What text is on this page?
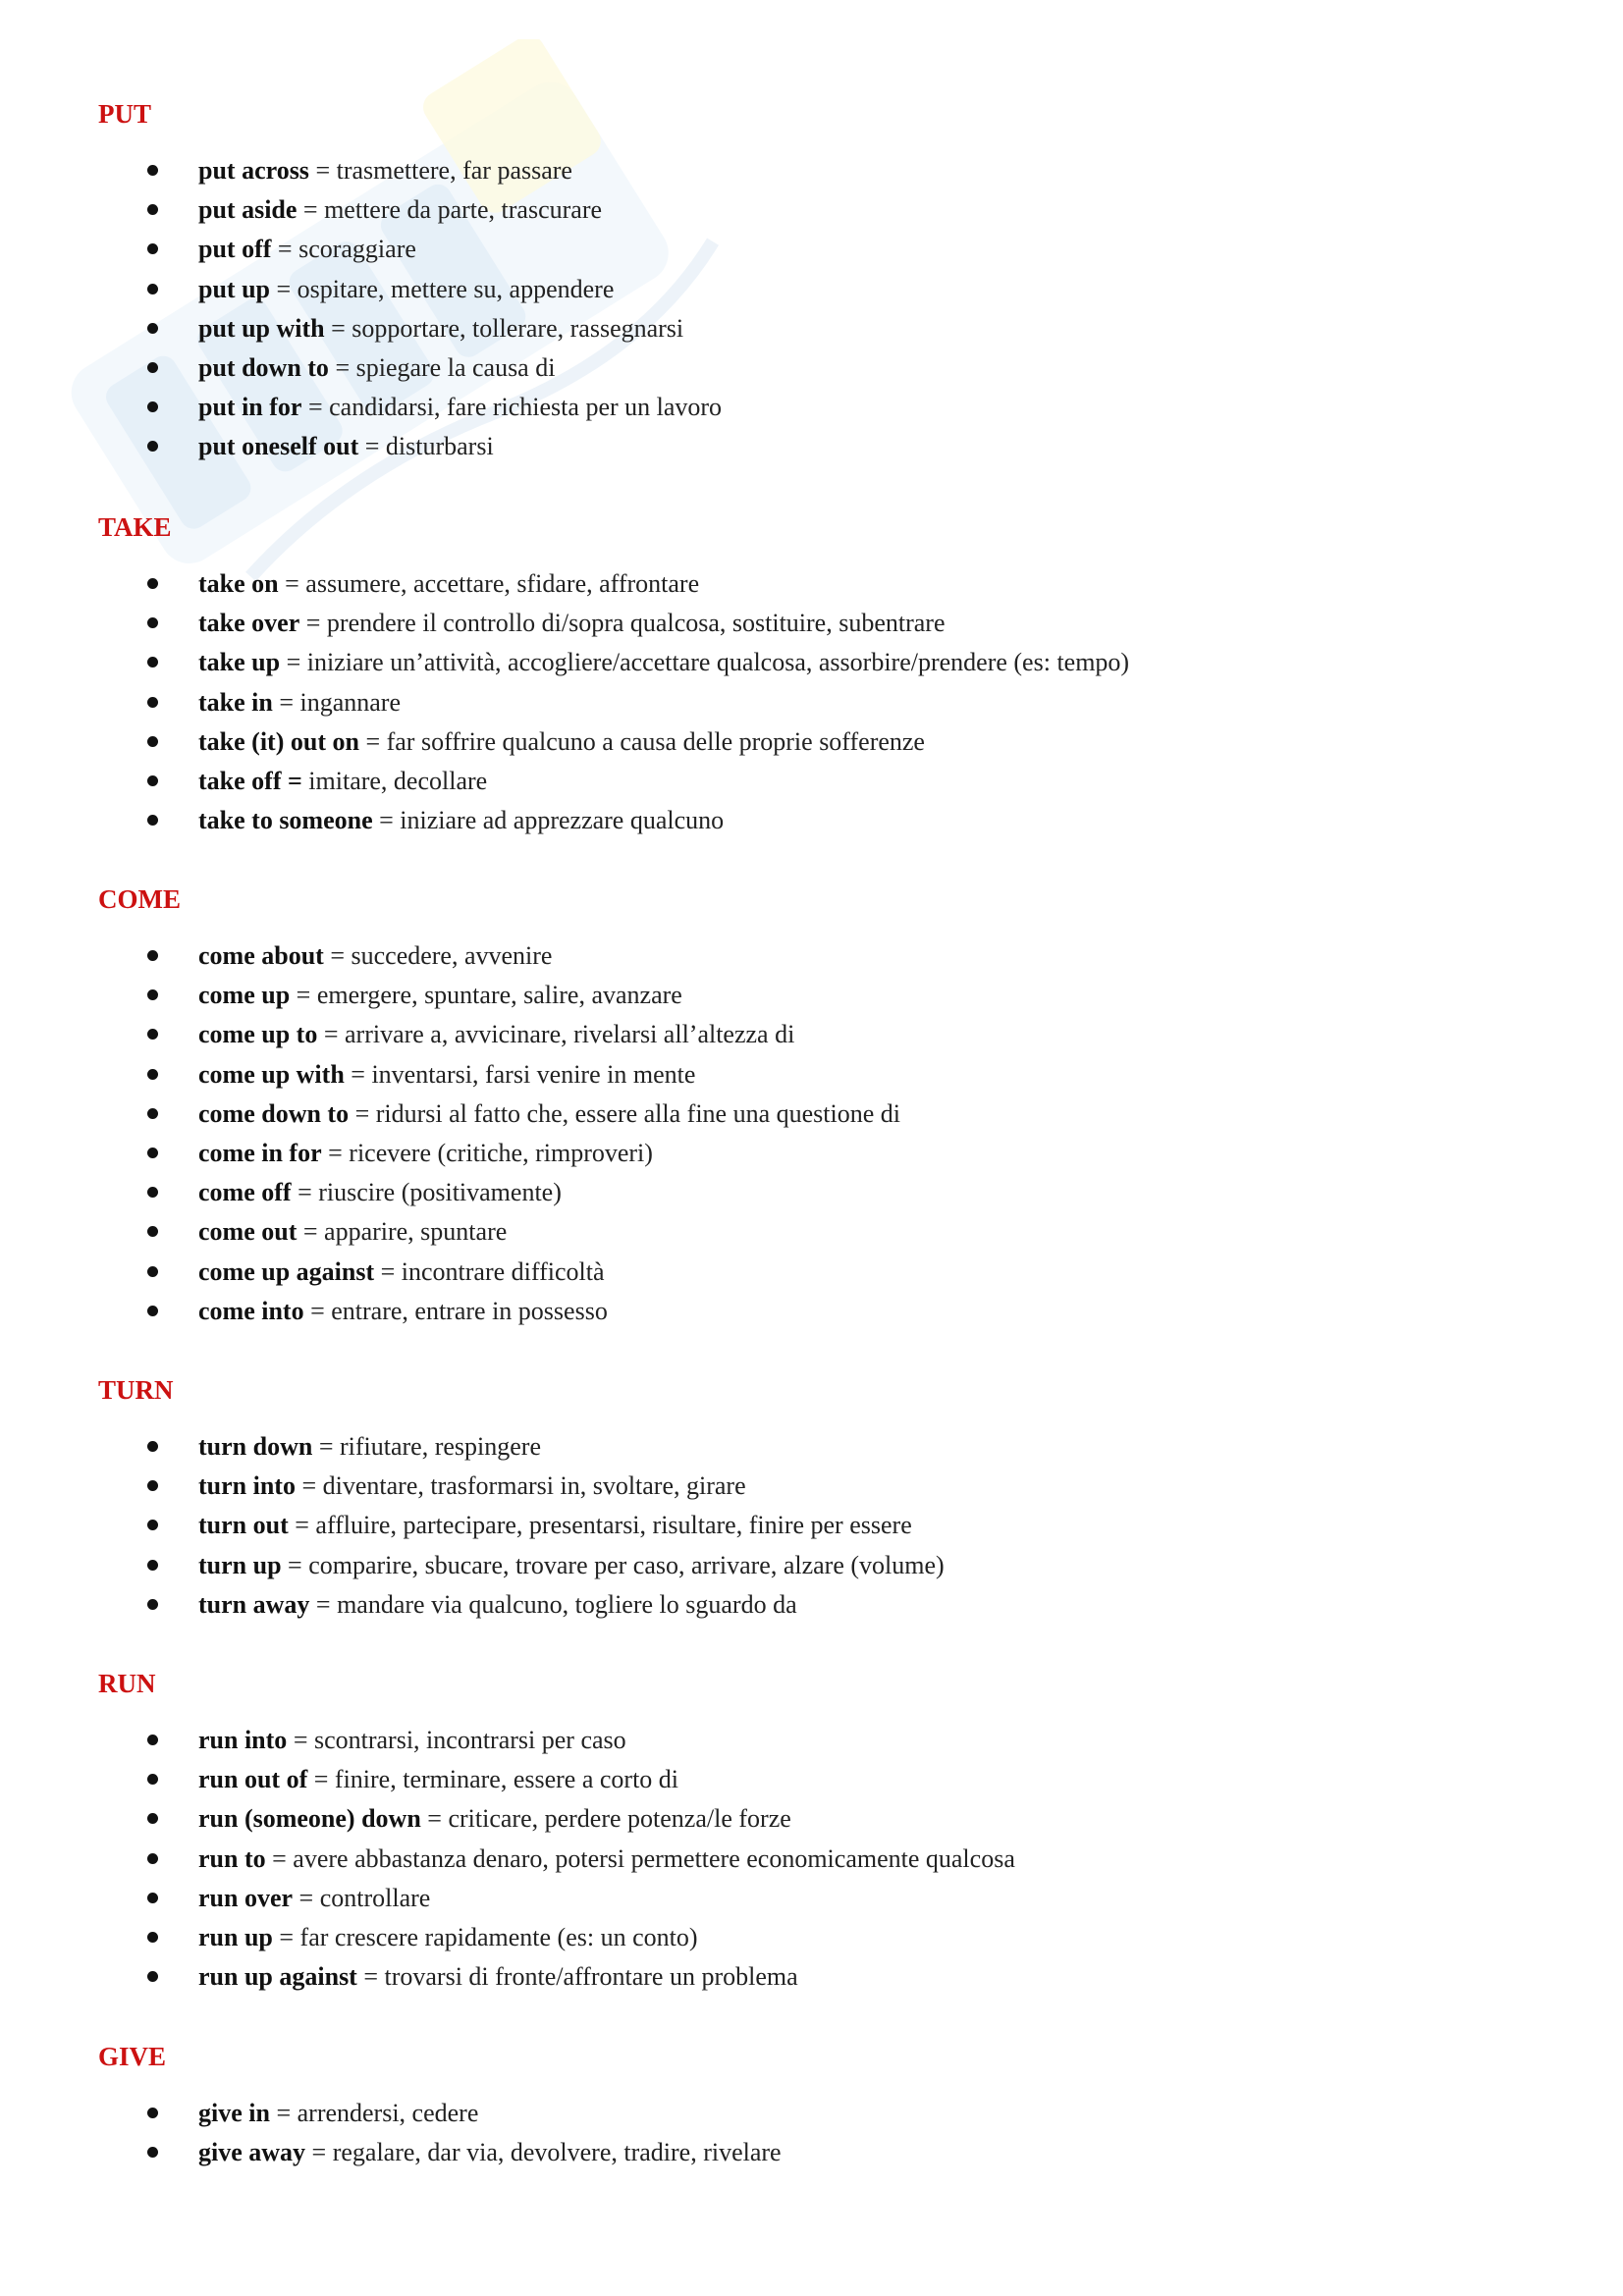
PUT
put across = trasmettere, far passare
put aside = mettere da parte, trascurare
put off = scoraggiare
put up = ospitare, mettere su, appendere
put up with = sopportare, tollerare, rassegnarsi
put down to = spiegare la causa di
put in for = candidarsi, fare richiesta per un lavoro
put oneself out = disturbarsi
TAKE
take on = assumere, accettare, sfidare, affrontare
take over = prendere il controllo di/sopra qualcosa, sostituire, subentrare
take up = iniziare un’attività, accogliere/accettare qualcosa, assorbire/prendere (es: tempo)
take in = ingannare
take (it) out on = far soffrire qualcuno a causa delle proprie sofferenze
take off = imitare, decollare
take to someone = iniziare ad apprezzare qualcuno
COME
come about = succedere, avvenire
come up = emergere, spuntare, salire, avanzare
come up to = arrivare a, avvicinare, rivelarsi all’altezza di
come up with = inventarsi, farsi venire in mente
come down to = ridursi al fatto che, essere alla fine una questione di
come in for = ricevere (critiche, rimproveri)
come off = riuscire (positivamente)
come out = apparire, spuntare
come up against = incontrare difficoltà
come into = entrare, entrare in possesso
TURN
turn down = rifiutare, respingere
turn into = diventare, trasformarsi in, svoltare, girare
turn out = affluire, partecipare, presentarsi, risultare, finire per essere
turn up = comparire, sbucare, trovare per caso, arrivare, alzare (volume)
turn away = mandare via qualcuno, togliere lo sguardo da
RUN
run into = scontrarsi, incontrarsi per caso
run out of = finire, terminare, essere a corto di
run (someone) down = criticare, perdere potenza/le forze
run to = avere abbastanza denaro, potersi permettere economicamente qualcosa
run over = controllare
run up = far crescere rapidamente (es: un conto)
run up against = trovarsi di fronte/affrontare un problema
GIVE
give in = arrendersi, cedere
give away = regalare, dar via, devolvere, tradire, rivelare
